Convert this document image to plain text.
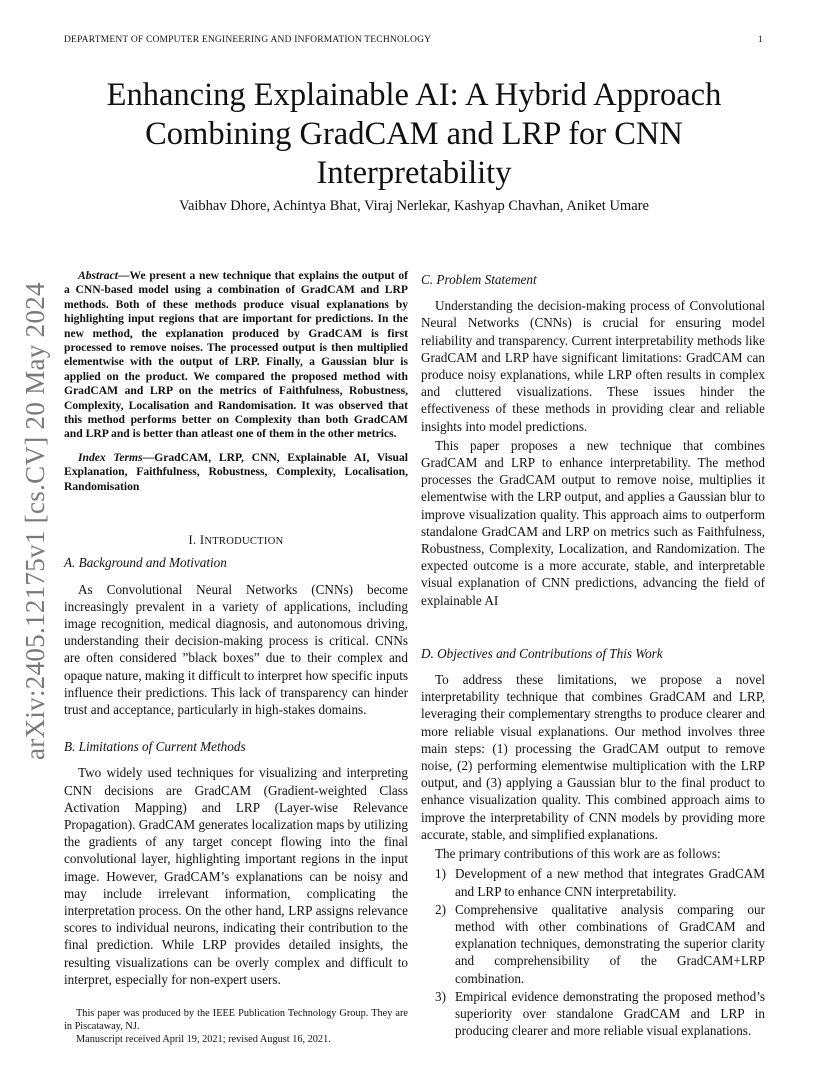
DEPARTMENT OF COMPUTER ENGINEERING AND INFORMATION TECHNOLOGY	1
Enhancing Explainable AI: A Hybrid Approach Combining GradCAM and LRP for CNN Interpretability
Vaibhav Dhore, Achintya Bhat, Viraj Nerlekar, Kashyap Chavhan, Aniket Umare
arXiv:2405.12175v1 [cs.CV] 20 May 2024

Abstract—We present a new technique that explains the output of a CNN-based model using a combination of GradCAM and LRP methods. Both of these methods produce visual explanations by highlighting input regions that are important for predictions. In the new method, the explanation produced by GradCAM is first processed to remove noises. The processed output is then multiplied elementwise with the output of LRP. Finally, a Gaussian blur is applied on the product. We compared the proposed method with GradCAM and LRP on the metrics of Faithfulness, Robustness, Complexity, Localisation and Randomisation. It was observed that this method performs better on Complexity than both GradCAM and LRP and is better than atleast one of them in the other metrics.

Index Terms—GradCAM, LRP, CNN, Explainable AI, Visual Explanation, Faithfulness, Robustness, Complexity, Localisation, Randomisation

I. INTRODUCTION
A. Background and Motivation

As Convolutional Neural Networks (CNNs) become increasingly prevalent in a variety of applications, including image recognition, medical diagnosis, and autonomous driving, understanding their decision-making process is critical. CNNs are often considered ”black boxes” due to their complex and opaque nature, making it difficult to interpret how specific inputs influence their predictions. This lack of transparency can hinder trust and acceptance, particularly in high-stakes domains.

B. Limitations of Current Methods

Two widely used techniques for visualizing and interpreting CNN decisions are GradCAM (Gradient-weighted Class Activation Mapping) and LRP (Layer-wise Relevance Propagation). GradCAM generates localization maps by utilizing the gradients of any target concept flowing into the final convolutional layer, highlighting important regions in the input image. However, GradCAM’s explanations can be noisy and may include irrelevant information, complicating the interpretation process. On the other hand, LRP assigns relevance scores to individual neurons, indicating their contribution to the final prediction. While LRP provides detailed insights, the resulting visualizations can be overly complex and difficult to interpret, especially for non-expert users.

This paper was produced by the IEEE Publication Technology Group. They are in Piscataway, NJ.

Manuscript received April 19, 2021; revised August 16, 2021.

C. Problem Statement

Understanding the decision-making process of Convolutional Neural Networks (CNNs) is crucial for ensuring model reliability and transparency. Current interpretability methods like GradCAM and LRP have significant limitations: GradCAM can produce noisy explanations, while LRP often results in complex and cluttered visualizations. These issues hinder the effectiveness of these methods in providing clear and reliable insights into model predictions.

This paper proposes a new technique that combines GradCAM and LRP to enhance interpretability. The method processes the GradCAM output to remove noise, multiplies it elementwise with the LRP output, and applies a Gaussian blur to improve visualization quality. This approach aims to outperform standalone GradCAM and LRP on metrics such as Faithfulness, Robustness, Complexity, Localization, and Randomization. The expected outcome is a more accurate, stable, and interpretable visual explanation of CNN predictions, advancing the field of explainable AI

D. Objectives and Contributions of This Work

To address these limitations, we propose a novel interpretability technique that combines GradCAM and LRP, leveraging their complementary strengths to produce clearer and more reliable visual explanations. Our method involves three main steps: (1) processing the GradCAM output to remove noise, (2) performing elementwise multiplication with the LRP output, and (3) applying a Gaussian blur to the final product to enhance visualization quality. This combined approach aims to improve the interpretability of CNN models by providing more accurate, stable, and simplified explanations.

The primary contributions of this work are as follows:

1) Development of a new method that integrates GradCAM and LRP to enhance CNN interpretability.
2) Comprehensive qualitative analysis comparing our method with other combinations of GradCAM and explanation techniques, demonstrating the superior clarity and comprehensibility of the GradCAM+LRP combination.
3) Empirical evidence demonstrating the proposed method’s superiority over standalone GradCAM and LRP in producing clearer and more reliable visual explanations.
